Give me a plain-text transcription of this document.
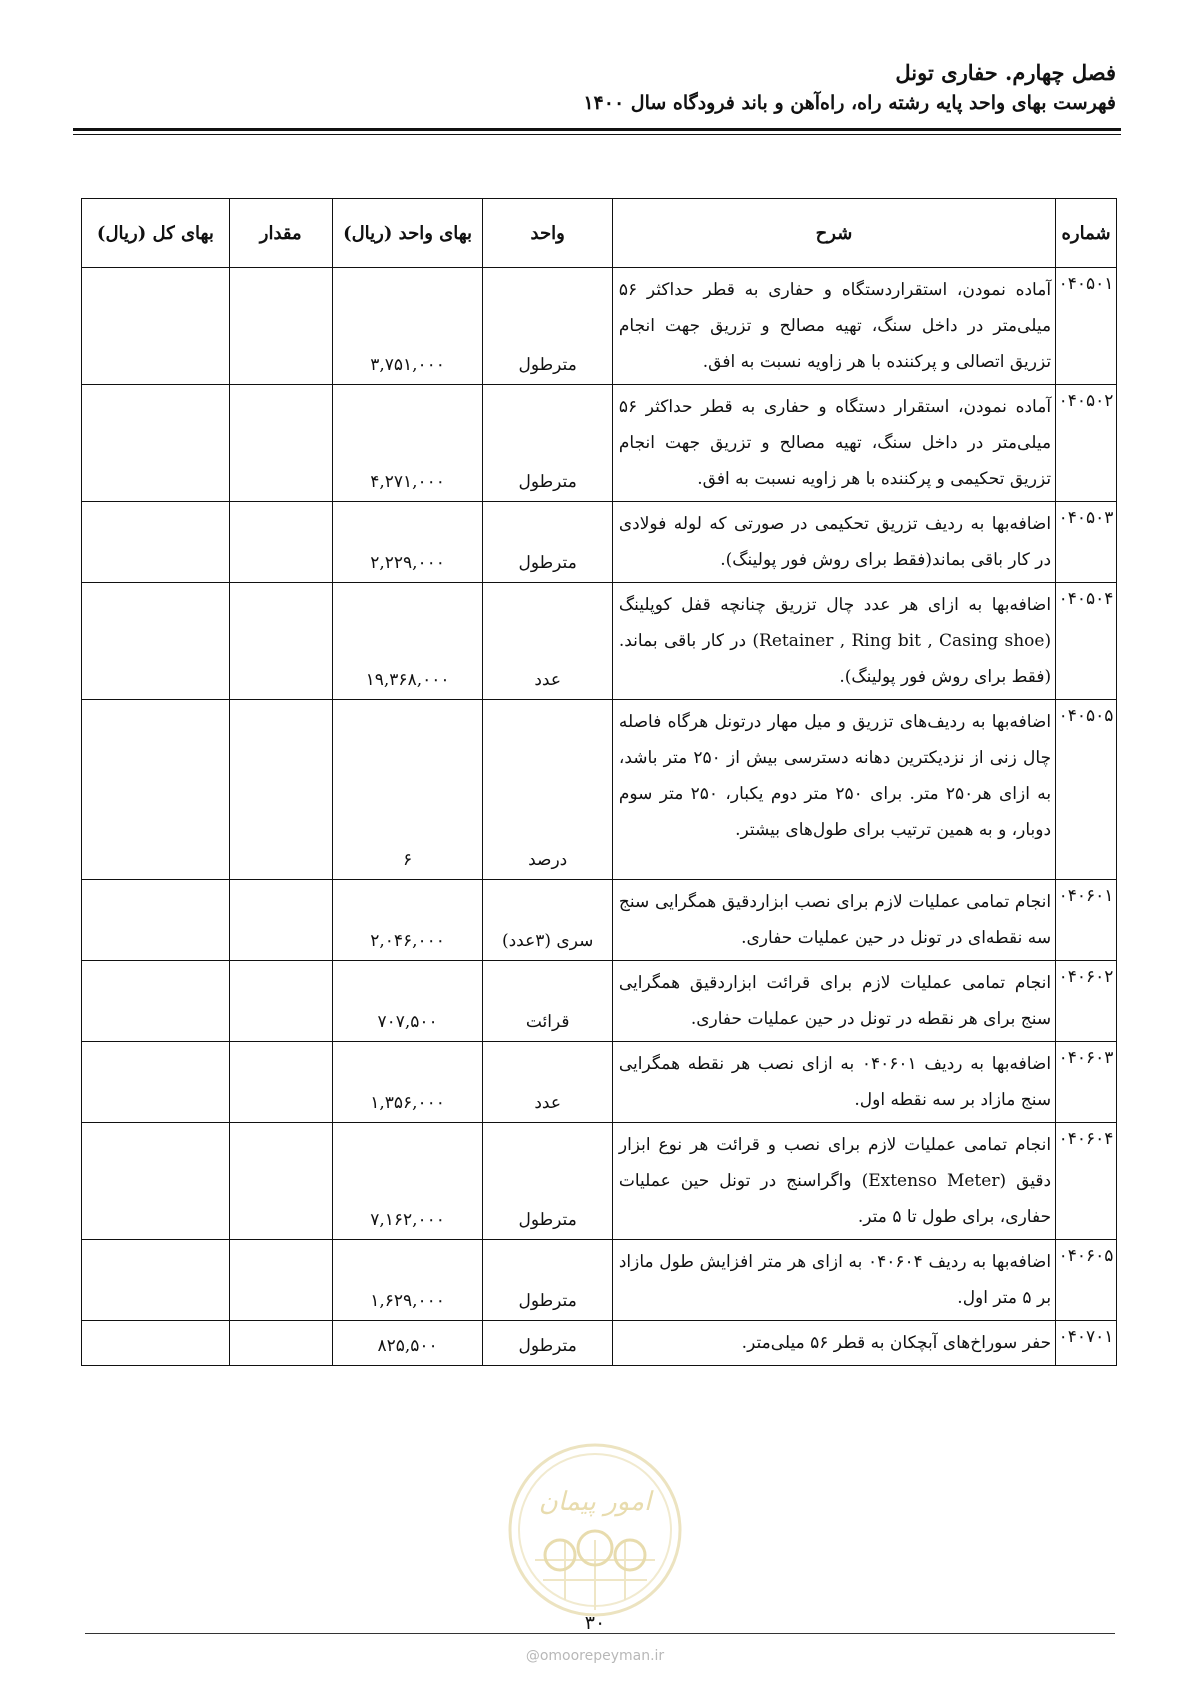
فصل چهارم. حفاری تونل
فهرست بهای واحد پایه رشته راه، راه‌آهن و باند فرودگاه سال ۱۴۰۰
شماره	شرح	واحد	بهای واحد (ریال)	مقدار	بهای کل (ریال)
۰۴۰۵۰۱	آماده نمودن، استقراردستگاه و حفاری به قطر حداکثر ۵۶ میلی‌متر در داخل سنگ، تهیه مصالح و تزریق جهت انجام تزریق اتصالی و پرکننده با هر زاویه نسبت به افق.	مترطول	۳,۷۵۱,۰۰۰		
۰۴۰۵۰۲	آماده نمودن، استقرار دستگاه و حفاری به قطر حداکثر ۵۶ میلی‌متر در داخل سنگ، تهیه مصالح و تزریق جهت انجام تزریق تحکیمی و پرکننده با هر زاویه نسبت به افق.	مترطول	۴,۲۷۱,۰۰۰		
۰۴۰۵۰۳	اضافه‌بها به ردیف تزریق تحکیمی در صورتی که لوله فولادی در کار باقی بماند(فقط برای روش فور پولینگ).	مترطول	۲,۲۲۹,۰۰۰		
۰۴۰۵۰۴	اضافه‌بها به ازای هر عدد چال تزریق چنانچه قفل کوپلینگ (Retainer , Ring bit , Casing shoe) در کار باقی بماند. (فقط برای روش فور پولینگ).	عدد	۱۹,۳۶۸,۰۰۰		
۰۴۰۵۰۵	اضافه‌بها به ردیف‌های تزریق و میل مهار درتونل هرگاه فاصله چال زنی از نزدیکترین دهانه دسترسی بیش از ۲۵۰ متر باشد، به ازای هر۲۵۰ متر. برای ۲۵۰ متر دوم یکبار، ۲۵۰ متر سوم دوبار، و به همین ترتیب برای طول‌های بیشتر.	درصد	۶		
۰۴۰۶۰۱	انجام تمامی عملیات لازم برای نصب ابزاردقیق همگرایی سنج سه نقطه‌ای در تونل در حین عملیات حفاری.	سری (۳عدد)	۲,۰۴۶,۰۰۰		
۰۴۰۶۰۲	انجام تمامی عملیات لازم برای قرائت ابزاردقیق همگرایی سنج برای هر نقطه در تونل در حین عملیات حفاری.	قرائت	۷۰۷,۵۰۰		
۰۴۰۶۰۳	اضافه‌بها به ردیف ۰۴۰۶۰۱ به ازای نصب هر نقطه همگرایی سنج مازاد بر سه نقطه اول.	عدد	۱,۳۵۶,۰۰۰		
۰۴۰۶۰۴	انجام تمامی عملیات لازم برای نصب و قرائت هر نوع ابزار دقیق (Extenso Meter) واگراسنج در تونل حین عملیات حفاری، برای طول تا ۵ متر.	مترطول	۷,۱۶۲,۰۰۰		
۰۴۰۶۰۵	اضافه‌بها به ردیف ۰۴۰۶۰۴ به ازای هر متر افزایش طول مازاد بر ۵ متر اول.	مترطول	۱,۶۲۹,۰۰۰		
۰۴۰۷۰۱	حفر سوراخ‌های آبچکان به قطر ۵۶ میلی‌متر.	مترطول	۸۲۵,۵۰۰		
امور پیمان
۳۰
@omoorepeyman.ir
